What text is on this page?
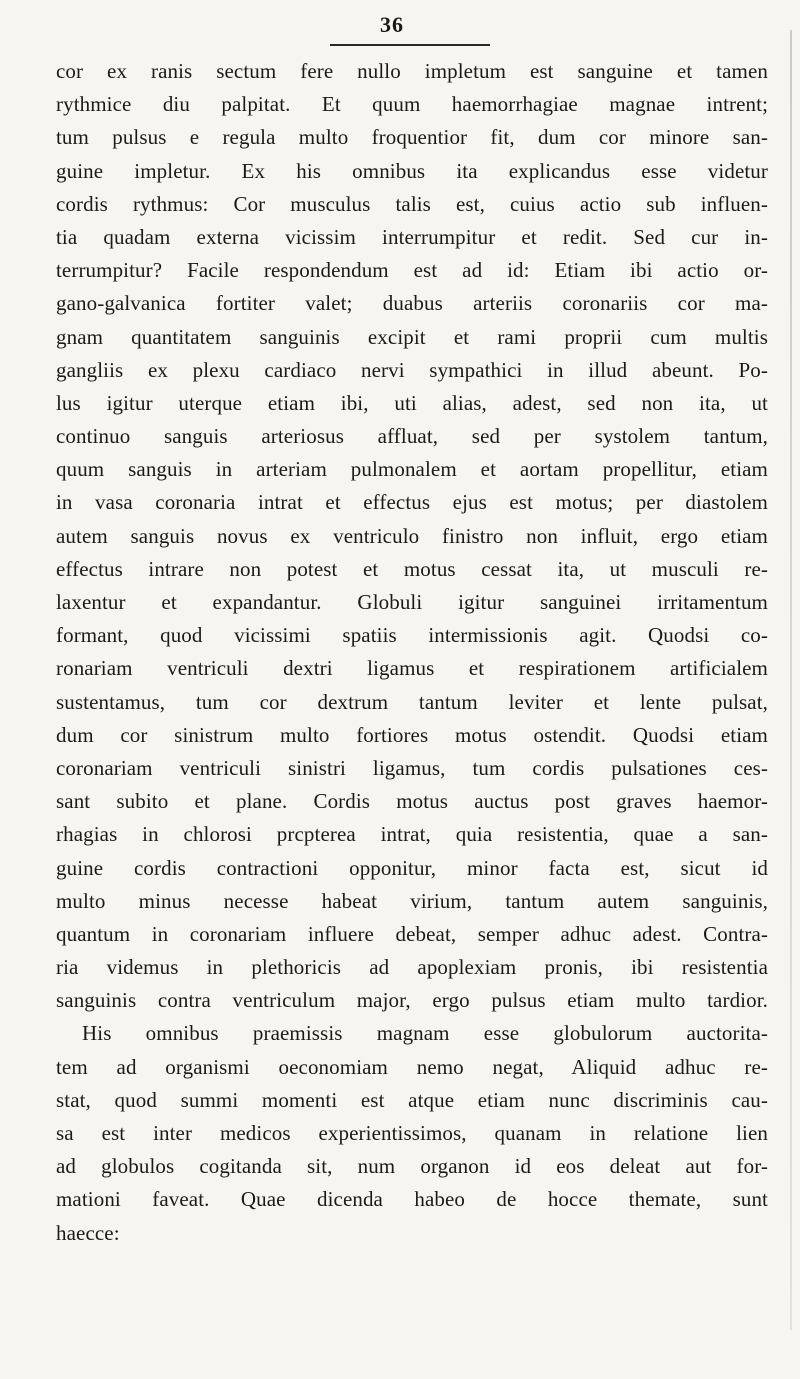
36
cor ex ranis sectum fere nullo impletum est sanguine et tamen
rythmice diu palpitat. Et quum haemorrhagiae magnae intrent;
tum pulsus e regula multo froquentior fit, dum cor minore san-
guine impletur. Ex his omnibus ita explicandus esse videtur
cordis rythmus: Cor musculus talis est, cuius actio sub influen-
tia quadam externa vicissim interrumpitur et redit. Sed cur in-
terrumpitur? Facile respondendum est ad id: Etiam ibi actio or-
gano-galvanica fortiter valet; duabus arteriis coronariis cor ma-
gnam quantitatem sanguinis excipit et rami proprii cum multis
gangliis ex plexu cardiaco nervi sympathici in illud abeunt. Po-
lus igitur uterque etiam ibi, uti alias, adest, sed non ita, ut
continuo sanguis arteriosus affluat, sed per systolem tantum,
quum sanguis in arteriam pulmonalem et aortam propellitur, etiam
in vasa coronaria intrat et effectus ejus est motus; per diastolem
autem sanguis novus ex ventriculo finistro non influit, ergo etiam
effectus intrare non potest et motus cessat ita, ut musculi re-
laxentur et expandantur. Globuli igitur sanguinei irritamentum
formant, quod vicissimi spatiis intermissionis agit. Quodsi co-
ronariam ventriculi dextri ligamus et respirationem artificialem
sustentamus, tum cor dextrum tantum leviter et lente pulsat,
dum cor sinistrum multo fortiores motus ostendit. Quodsi etiam
coronariam ventriculi sinistri ligamus, tum cordis pulsationes ces-
sant subito et plane. Cordis motus auctus post graves haemor-
rhagias in chlorosi prcpterea intrat, quia resistentia, quae a san-
guine cordis contractioni opponitur, minor facta est, sicut id
multo minus necesse habeat virium, tantum autem sanguinis,
quantum in coronariam influere debeat, semper adhuc adest. Contra-
ria videmus in plethoricis ad apoplexiam pronis, ibi resistentia
sanguinis contra ventriculum major, ergo pulsus etiam multo tardior.
His omnibus praemissis magnam esse globulorum auctorita-
tem ad organismi oeconomiam nemo negat, Aliquid adhuc re-
stat, quod summi momenti est atque etiam nunc discriminis cau-
sa est inter medicos experientissimos, quanam in relatione lien
ad globulos cogitanda sit, num organon id eos deleat aut for-
mationi faveat. Quae dicenda habeo de hocce themate, sunt
haecce:
